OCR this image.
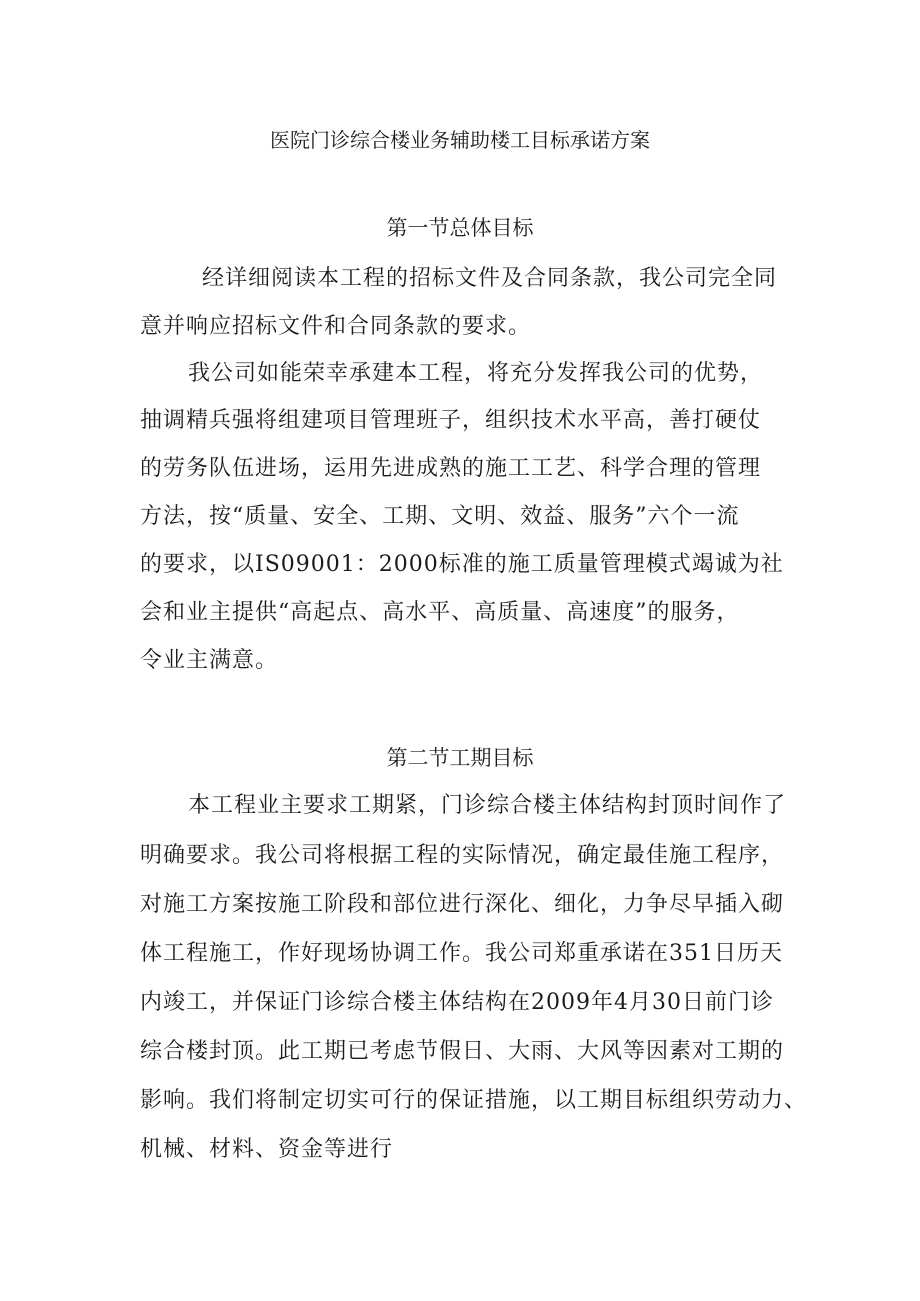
医院门诊综合楼业务辅助楼工目标承诺方案
第一节总体目标
经详细阅读本工程的招标文件及合同条款，我公司完全同
意并响应招标文件和合同条款的要求。
我公司如能荣幸承建本工程，将充分发挥我公司的优势，
抽调精兵强将组建项目管理班子，组织技术水平高，善打硬仗
的劳务队伍进场，运用先进成熟的施工工艺、科学合理的管理
方法，按“质量、安全、工期、文明、效益、服务”六个一流
的要求，以IS09001：2000标准的施工质量管理模式竭诚为社
会和业主提供“高起点、高水平、高质量、高速度”的服务，
令业主满意。
第二节工期目标
本工程业主要求工期紧，门诊综合楼主体结构封顶时间作了
明确要求。我公司将根据工程的实际情况，确定最佳施工程序，
对施工方案按施工阶段和部位进行深化、细化，力争尽早插入砌
体工程施工，作好现场协调工作。我公司郑重承诺在351日历天
内竣工，并保证门诊综合楼主体结构在2009年4月30日前门诊
综合楼封顶。此工期已考虑节假日、大雨、大风等因素对工期的
影响。我们将制定切实可行的保证措施，以工期目标组织劳动力、
机械、材料、资金等进行
